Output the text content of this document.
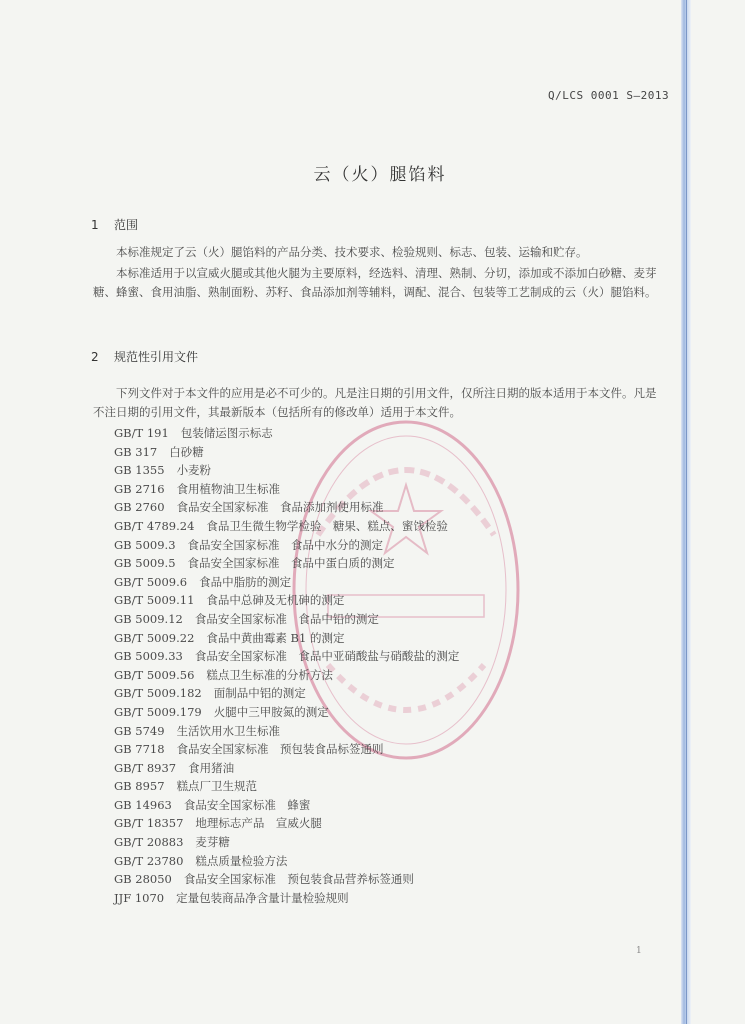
Q/LCS 0001 S—2013
云（火）腿馅料
1 范围

本标准规定了云（火）腿馅料的产品分类、技术要求、检验规则、标志、包装、运输和贮存。

本标准适用于以宣威火腿或其他火腿为主要原料，经选料、清理、熟制、分切，添加或不添加白砂糖、麦芽糖、蜂蜜、食用油脂、熟制面粉、苏籽、食品添加剂等辅料，调配、混合、包装等工艺制成的云（火）腿馅料。

2 规范性引用文件

下列文件对于本文件的应用是必不可少的。凡是注日期的引用文件，仅所注日期的版本适用于本文件。凡是不注日期的引用文件，其最新版本（包括所有的修改单）适用于本文件。

GB/T 191 包装储运图示标志
GB 317 白砂糖
GB 1355 小麦粉
GB 2716 食用植物油卫生标准
GB 2760 食品安全国家标准　食品添加剂使用标准
GB/T 4789.24 食品卫生微生物学检验　糖果、糕点、蜜饯检验
GB 5009.3 食品安全国家标准　食品中水分的测定
GB 5009.5 食品安全国家标准　食品中蛋白质的测定
GB/T 5009.6 食品中脂肪的测定
GB/T 5009.11 食品中总砷及无机砷的测定
GB 5009.12 食品安全国家标准　食品中铅的测定
GB/T 5009.22 食品中黄曲霉素 B1 的测定
GB 5009.33 食品安全国家标准　食品中亚硝酸盐与硝酸盐的测定
GB/T 5009.56 糕点卫生标准的分析方法
GB/T 5009.182 面制品中铝的测定
GB/T 5009.179 火腿中三甲胺氮的测定
GB 5749 生活饮用水卫生标准
GB 7718 食品安全国家标准　预包装食品标签通则
GB/T 8937 食用猪油
GB 8957 糕点厂卫生规范
GB 14963 食品安全国家标准　蜂蜜
GB/T 18357 地理标志产品　宣威火腿
GB/T 20883 麦芽糖
GB/T 23780 糕点质量检验方法
GB 28050 食品安全国家标准　预包装食品营养标签通则
JJF 1070 定量包装商品净含量计量检验规则
1
